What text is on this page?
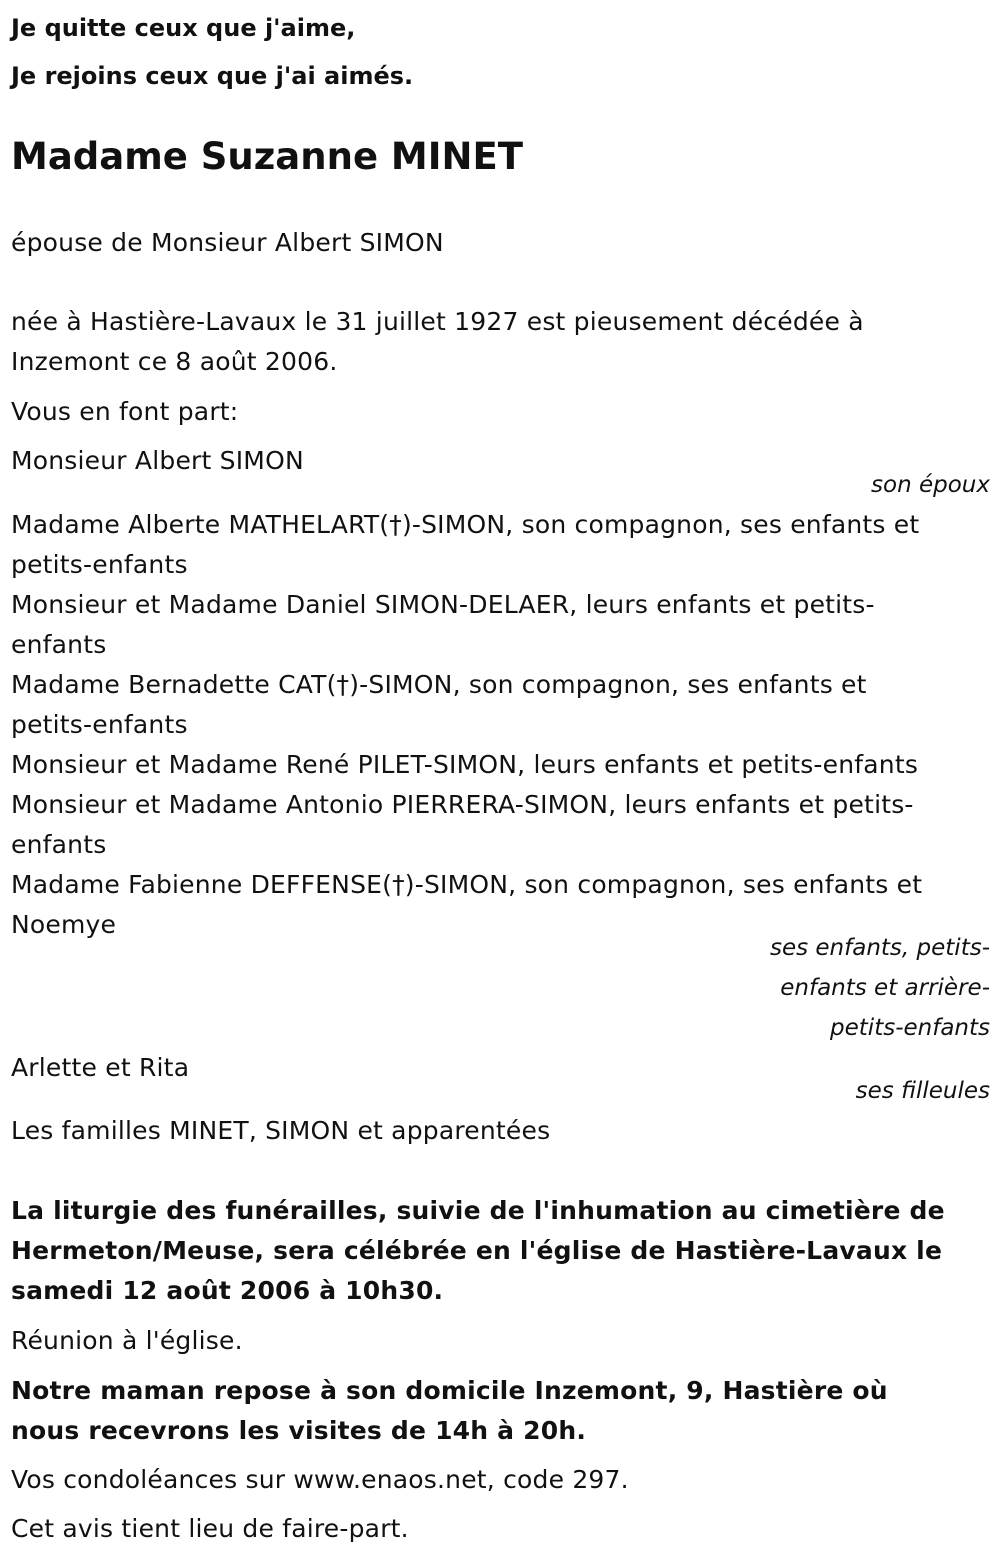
Je quitte ceux que j'aime,
Je rejoins ceux que j'ai aimés.
Madame Suzanne MINET
épouse de Monsieur Albert SIMON
née à Hastière-Lavaux le 31 juillet 1927 est pieusement décédée à Inzemont ce 8 août 2006.
Vous en font part:
Monsieur Albert SIMON
son époux
Madame Alberte MATHELART(†)-SIMON, son compagnon, ses enfants et petits-enfants
Monsieur et Madame Daniel SIMON-DELAER, leurs enfants et petits-enfants
Madame Bernadette CAT(†)-SIMON, son compagnon, ses enfants et petits-enfants
Monsieur et Madame René PILET-SIMON, leurs enfants et petits-enfants
Monsieur et Madame Antonio PIERRERA-SIMON, leurs enfants et petits-enfants
Madame Fabienne DEFFENSE(†)-SIMON, son compagnon, ses enfants et Noemye
ses enfants, petits-enfants et arrière-petits-enfants
Arlette et Rita
ses filleules
Les familles MINET, SIMON et apparentées
La liturgie des funérailles, suivie de l'inhumation au cimetière de Hermeton/Meuse, sera célébrée en l'église de Hastière-Lavaux le samedi 12 août 2006 à 10h30.
Réunion à l'église.
Notre maman repose à son domicile Inzemont, 9, Hastière où nous recevrons les visites de 14h à 20h.
Vos condoléances sur www.enaos.net, code 297.
Cet avis tient lieu de faire-part.
